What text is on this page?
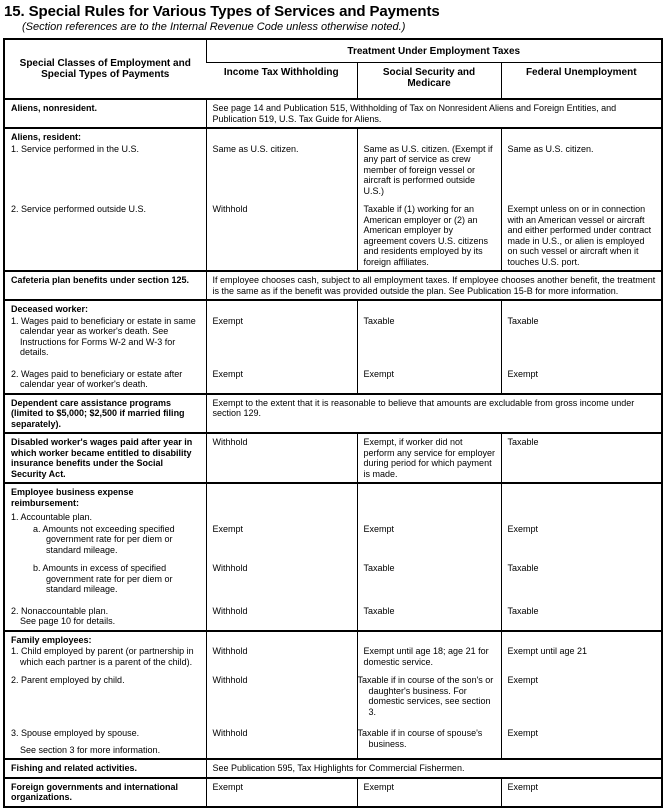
15. Special Rules for Various Types of Services and Payments
(Section references are to the Internal Revenue Code unless otherwise noted.)
Special Classes of Employment and Special Types of Payments	Treatment Under Employment Taxes		
	Income Tax Withholding	Social Security and Medicare	Federal Unemployment

Aliens, nonresident.	See page 14 and Publication 515, Withholding of Tax on Nonresident Aliens and Foreign Entities, and Publication 519, U.S. Tax Guide for Aliens.		

Aliens, resident:			

1. Service performed in the U.S.	Same as U.S. citizen.	Same as U.S. citizen. (Exempt if any part of service as crew member of foreign vessel or aircraft is performed outside U.S.)	Same as U.S. citizen.

2. Service performed outside U.S.	Withhold	Taxable if (1) working for an American employer or (2) an American employer by agreement covers U.S. citizens and residents employed by its foreign affiliates.	Exempt unless on or in connection with an American vessel or aircraft and either performed under contract made in U.S., or alien is employed on such vessel or aircraft when it touches U.S. port.

Cafeteria plan benefits under section 125.	If employee chooses cash, subject to all employment taxes. If employee chooses another benefit, the treatment is the same as if the benefit was provided outside the plan. See Publication 15-B for more information.		

Deceased worker:			

1. Wages paid to beneficiary or estate in same calendar year as worker's death. See Instructions for Forms W-2 and W-3 for details.	Exempt	Taxable	Taxable

2. Wages paid to beneficiary or estate after calendar year of worker's death.	Exempt	Exempt	Exempt

Dependent care assistance programs (limited to $5,000; $2,500 if married filing separately).	Exempt to the extent that it is reasonable to believe that amounts are excludable from gross income under section 129.		

Disabled worker's wages paid after year in which worker became entitled to disability insurance benefits under the Social Security Act.	Withhold	Exempt, if worker did not perform any service for employer during period for which payment is made.	Taxable

Employee business expense reimbursement:
1. Accountable plan.			

a. Amounts not exceeding specified government rate for per diem or standard mileage.	Exempt	Exempt	Exempt

b. Amounts in excess of specified government rate for per diem or standard mileage.	Withhold	Taxable	Taxable

2. Nonaccountable plan.
See page 10 for details.	Withhold	Taxable	Taxable

Family employees:			

1. Child employed by parent (or partnership in which each partner is a parent of the child).	Withhold	Exempt until age 18; age 21 for domestic service.	Exempt until age 21

2. Parent employed by child.	Withhold	Taxable if in course of the son's or daughter's business. For domestic services, see section 3.	Exempt

3. Spouse employed by spouse.
See section 3 for more information.	Withhold	Taxable if in course of spouse's business.	Exempt

Fishing and related activities.	See Publication 595, Tax Highlights for Commercial Fishermen.		

Foreign governments and international organizations.	Exempt	Exempt	Exempt
